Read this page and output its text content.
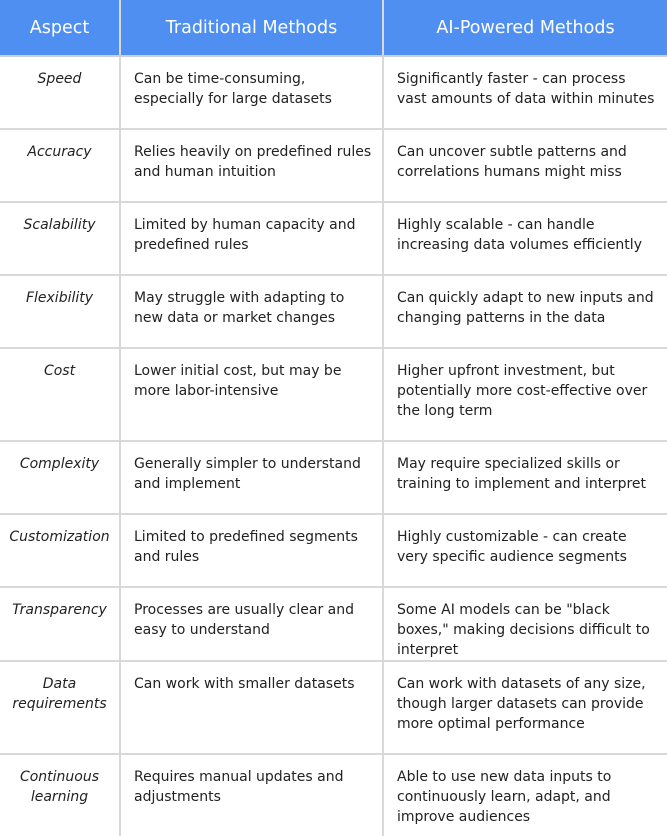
Aspect	Traditional Methods	AI-Powered Methods
Speed	Can be time-consuming, especially for large datasets	Significantly faster - can process vast amounts of data within minutes
Accuracy	Relies heavily on predefined rules and human intuition	Can uncover subtle patterns and correlations humans might miss
Scalability	Limited by human capacity and predefined rules	Highly scalable - can handle increasing data volumes efficiently
Flexibility	May struggle with adapting to new data or market changes	Can quickly adapt to new inputs and changing patterns in the data
Cost	Lower initial cost, but may be more labor-intensive	Higher upfront investment, but potentially more cost-effective over the long term
Complexity	Generally simpler to understand and implement	May require specialized skills or training to implement and interpret
Customization	Limited to predefined segments and rules	Highly customizable - can create very specific audience segments
Transparency	Processes are usually clear and easy to understand	Some AI models can be "black boxes," making decisions difficult to interpret
Data requirements	Can work with smaller datasets	Can work with datasets of any size, though larger datasets can provide more optimal performance
Continuous learning	Requires manual updates and adjustments	Able to use new data inputs to continuously learn, adapt, and improve audiences
